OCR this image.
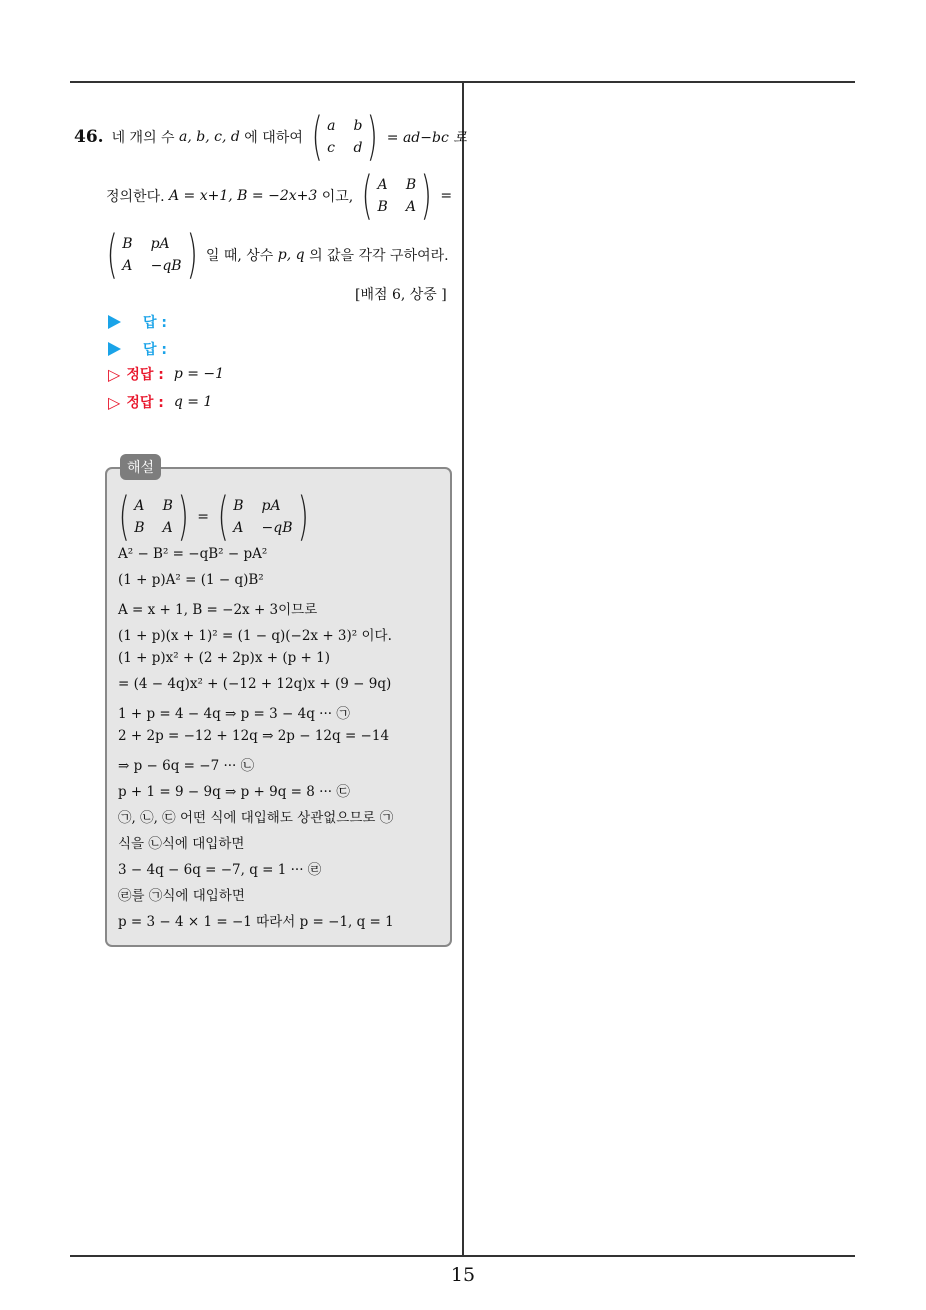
46. 네 개의 수
a, b, c, d
에 대하여 ( a b
c d ) = ad−bc 로
정의한다.
A = x+1, B = −2x+3
이고, ( A B
B A ) =
( B pA
A −qB ) 일 때, 상수
p, q
의 값을 각각 구하여라.
[배점 6, 상중 ]
답 :
답 :
▷ 정답 : p = −1
▷ 정답 : q = 1
해설
( A B
B A ) = ( B pA
A −qB )
A² − B² = −qB² − pA²
(1 + p)A² = (1 − q)B²
A = x + 1, B = −2x + 3이므로
(1 + p)(x + 1)² = (1 − q)(−2x + 3)² 이다.
(1 + p)x² + (2 + 2p)x + (p + 1)
= (4 − 4q)x² + (−12 + 12q)x + (9 − 9q)
1 + p = 4 − 4q ⇒ p = 3 − 4q ··· ㉠
2 + 2p = −12 + 12q ⇒ 2p − 12q = −14
⇒ p − 6q = −7 ··· ㉡
p + 1 = 9 − 9q ⇒ p + 9q = 8 ··· ㉢
㉠, ㉡, ㉢ 어떤 식에 대입해도 상관없으므로 ㉠
식을 ㉡식에 대입하면
3 − 4q − 6q = −7, q = 1 ··· ㉣
㉣를 ㉠식에 대입하면
p = 3 − 4 × 1 = −1 따라서 p = −1, q = 1
15
